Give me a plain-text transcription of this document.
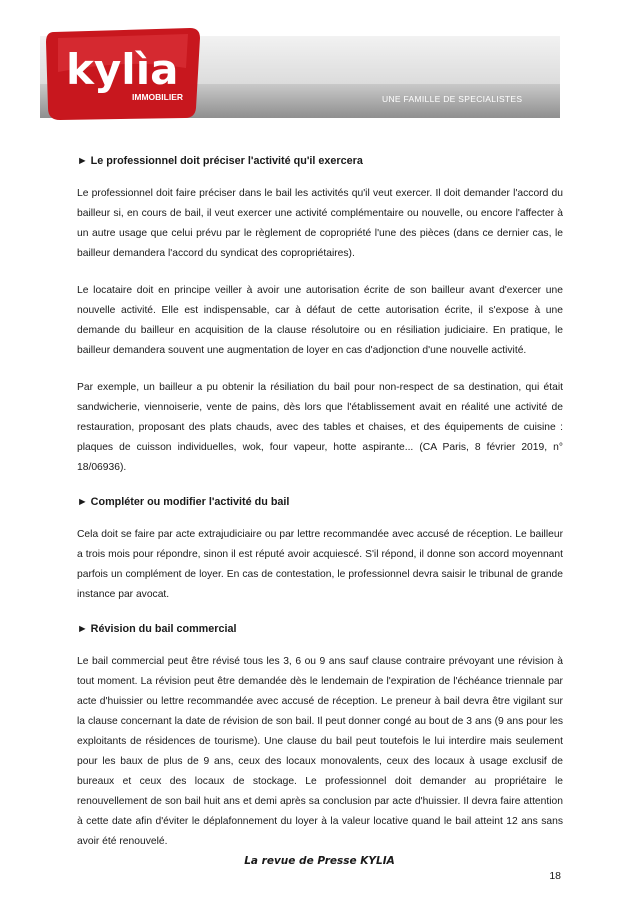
kylìa
IMMOBILIER	UNE FAMILLE DE SPECIALISTES

► Le professionnel doit préciser l'activité qu'il exercera

Le professionnel doit faire préciser dans le bail les activités qu'il veut exercer. Il doit demander l'accord du bailleur si, en cours de bail, il veut exercer une activité complémentaire ou nouvelle, ou encore l'affecter à un autre usage que celui prévu par le règlement de copropriété l'une des pièces (dans ce dernier cas, le bailleur demandera l'accord du syndicat des copropriétaires).

Le locataire doit en principe veiller à avoir une autorisation écrite de son bailleur avant d'exercer une nouvelle activité. Elle est indispensable, car à défaut de cette autorisation écrite, il s'expose à une demande du bailleur en acquisition de la clause résolutoire ou en résiliation judiciaire. En pratique, le bailleur demandera souvent une augmentation de loyer en cas d'adjonction d'une nouvelle activité.

Par exemple, un bailleur a pu obtenir la résiliation du bail pour non-respect de sa destination, qui était sandwicherie, viennoiserie, vente de pains, dès lors que l'établissement avait en réalité une activité de restauration, proposant des plats chauds, avec des tables et chaises, et des équipements de cuisine : plaques de cuisson individuelles, wok, four vapeur, hotte aspirante... (CA Paris, 8 février 2019, n° 18/06936).

► Compléter ou modifier l'activité du bail

Cela doit se faire par acte extrajudiciaire ou par lettre recommandée avec accusé de réception. Le bailleur a trois mois pour répondre, sinon il est réputé avoir acquiescé. S'il répond, il donne son accord moyennant parfois un complément de loyer. En cas de contestation, le professionnel devra saisir le tribunal de grande instance par avocat.

► Révision du bail commercial

Le bail commercial peut être révisé tous les 3, 6 ou 9 ans sauf clause contraire prévoyant une révision à tout moment. La révision peut être demandée dès le lendemain de l'expiration de l'échéance triennale par acte d'huissier ou lettre recommandée avec accusé de réception. Le preneur à bail devra être vigilant sur la clause concernant la date de révision de son bail. Il peut donner congé au bout de 3 ans (9 ans pour les exploitants de résidences de tourisme). Une clause du bail peut toutefois le lui interdire mais seulement pour les baux de plus de 9 ans, ceux des locaux monovalents, ceux des locaux à usage exclusif de bureaux et ceux des locaux de stockage. Le professionnel doit demander au propriétaire le renouvellement de son bail huit ans et demi après sa conclusion par acte d'huissier. Il devra faire attention à cette date afin d'éviter le déplafonnement du loyer à la valeur locative quand le bail atteint 12 ans sans avoir été renouvelé.

La revue de Presse KYLIA
18
